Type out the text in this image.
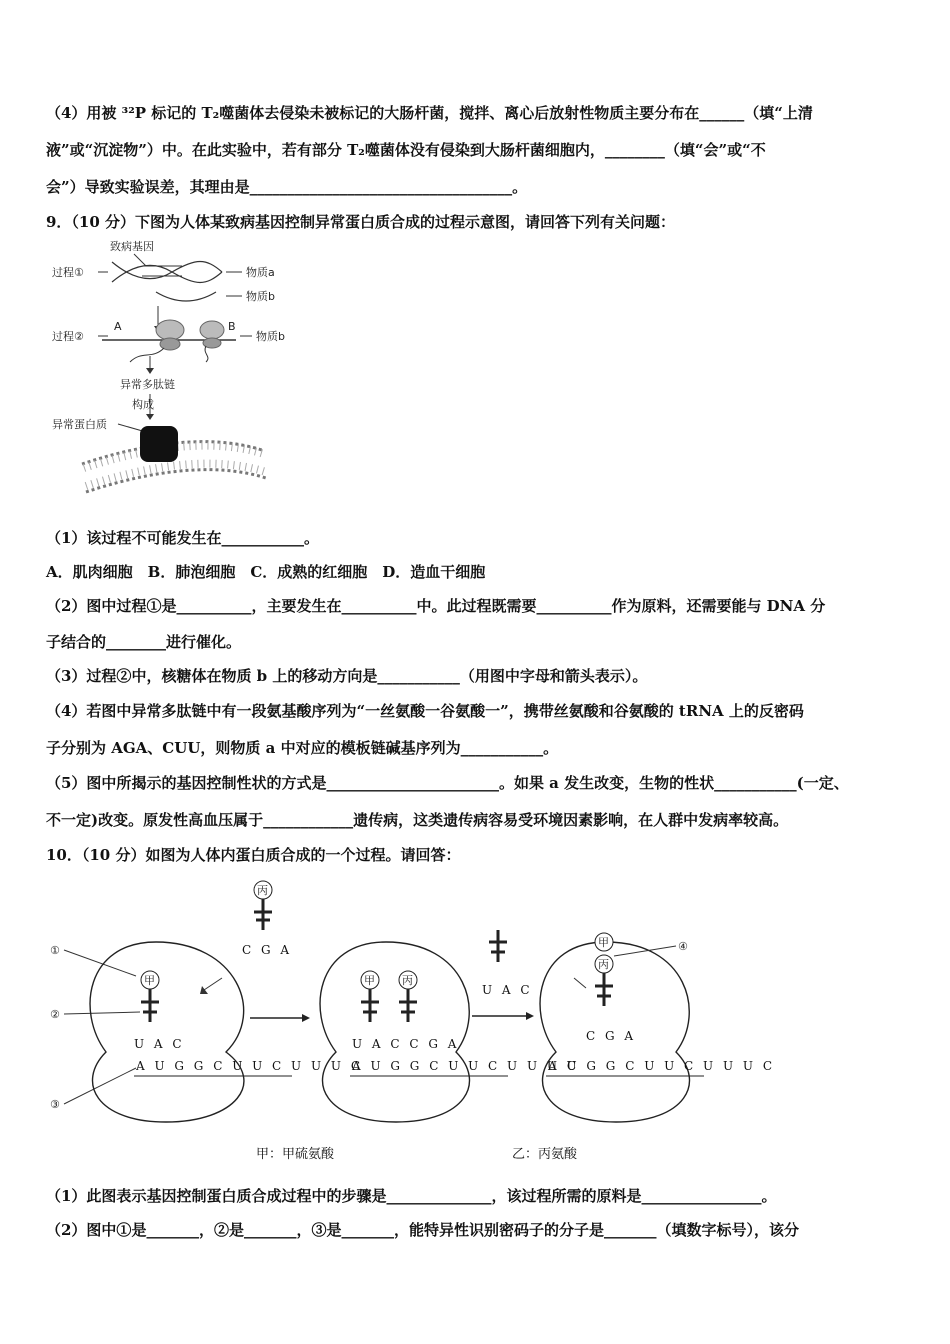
（4）用被 ³²P 标记的 T₂噬菌体去侵染未被标记的大肠杆菌，搅拌、离心后放射性物质主要分布在______（填“上清
液”或“沉淀物”）中。在此实验中，若有部分 T₂噬菌体没有侵染到大肠杆菌细胞内，________（填“会”或“不
会”）导致实验误差，其理由是___________________________________。
9．（10 分）下图为人体某致病基因控制异常蛋白质合成的过程示意图，请回答下列有关问题：
致病基因
过程①	物质a
物质b
过程②
A	B
物质b
异常多肽链
构成
异常蛋白质
（1）该过程不可能发生在___________。
A．肌肉细胞　B．肺泡细胞　C．成熟的红细胞　D．造血干细胞
（2）图中过程①是__________，主要发生在__________中。此过程既需要__________作为原料，还需要能与 DNA 分
子结合的________进行催化。
（3）过程②中，核糖体在物质 b 上的移动方向是___________（用图中字母和箭头表示）。
（4）若图中异常多肽链中有一段氨基酸序列为“一丝氨酸一谷氨酸一”，携带丝氨酸和谷氨酸的 tRNA 上的反密码
子分别为 AGA、CUU，则物质 a 中对应的模板链碱基序列为___________。
（5）图中所揭示的基因控制性状的方式是_______________________。如果 a 发生改变，生物的性状___________(一定、
不一定)改变。原发性高血压属于____________遗传病，这类遗传病容易受环境因素影响，在人群中发病率较高。
10．（10 分）如图为人体内蛋白质合成的一个过程。请回答：
①
②
③
丙
C G A
甲
U A C
A U G G C U U C U U U C
甲 丙
U A C C G A
A U G G C U U C U U U C
U A C
甲
丙
④
C G A
A U G G C U U C U U U C
甲：甲硫氨酸	乙：丙氨酸
（1）此图表示基因控制蛋白质合成过程中的步骤是______________，该过程所需的原料是________________。
（2）图中①是_______，②是_______，③是_______，能特异性识别密码子的分子是_______（填数字标号），该分
